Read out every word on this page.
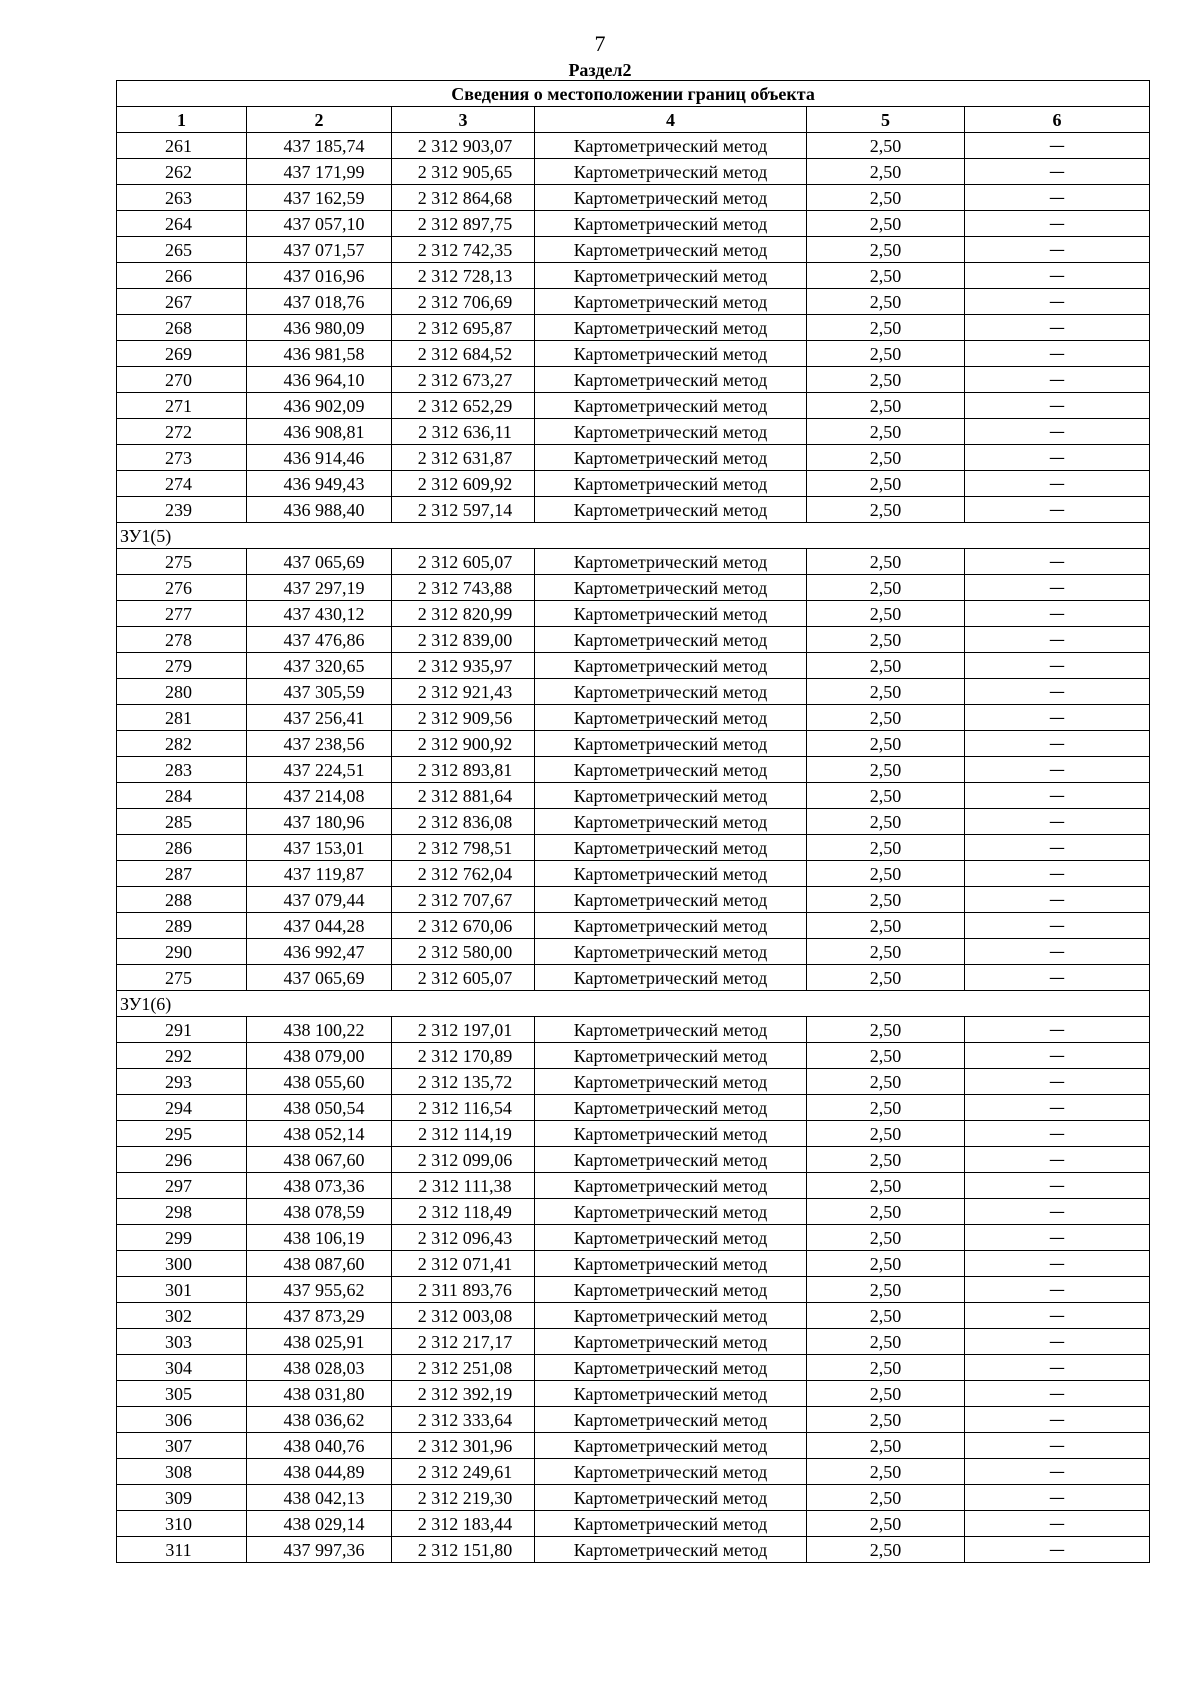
7
Раздел2
Сведения о местоположении границ объекта					
1	2	3	4	5	6
261	437 185,74	2 312 903,07	Картометрический метод	2,50	—
262	437 171,99	2 312 905,65	Картометрический метод	2,50	—
263	437 162,59	2 312 864,68	Картометрический метод	2,50	—
264	437 057,10	2 312 897,75	Картометрический метод	2,50	—
265	437 071,57	2 312 742,35	Картометрический метод	2,50	—
266	437 016,96	2 312 728,13	Картометрический метод	2,50	—
267	437 018,76	2 312 706,69	Картометрический метод	2,50	—
268	436 980,09	2 312 695,87	Картометрический метод	2,50	—
269	436 981,58	2 312 684,52	Картометрический метод	2,50	—
270	436 964,10	2 312 673,27	Картометрический метод	2,50	—
271	436 902,09	2 312 652,29	Картометрический метод	2,50	—
272	436 908,81	2 312 636,11	Картометрический метод	2,50	—
273	436 914,46	2 312 631,87	Картометрический метод	2,50	—
274	436 949,43	2 312 609,92	Картометрический метод	2,50	—
239	436 988,40	2 312 597,14	Картометрический метод	2,50	—
ЗУ1(5)					
275	437 065,69	2 312 605,07	Картометрический метод	2,50	—
276	437 297,19	2 312 743,88	Картометрический метод	2,50	—
277	437 430,12	2 312 820,99	Картометрический метод	2,50	—
278	437 476,86	2 312 839,00	Картометрический метод	2,50	—
279	437 320,65	2 312 935,97	Картометрический метод	2,50	—
280	437 305,59	2 312 921,43	Картометрический метод	2,50	—
281	437 256,41	2 312 909,56	Картометрический метод	2,50	—
282	437 238,56	2 312 900,92	Картометрический метод	2,50	—
283	437 224,51	2 312 893,81	Картометрический метод	2,50	—
284	437 214,08	2 312 881,64	Картометрический метод	2,50	—
285	437 180,96	2 312 836,08	Картометрический метод	2,50	—
286	437 153,01	2 312 798,51	Картометрический метод	2,50	—
287	437 119,87	2 312 762,04	Картометрический метод	2,50	—
288	437 079,44	2 312 707,67	Картометрический метод	2,50	—
289	437 044,28	2 312 670,06	Картометрический метод	2,50	—
290	436 992,47	2 312 580,00	Картометрический метод	2,50	—
275	437 065,69	2 312 605,07	Картометрический метод	2,50	—
ЗУ1(6)					
291	438 100,22	2 312 197,01	Картометрический метод	2,50	—
292	438 079,00	2 312 170,89	Картометрический метод	2,50	—
293	438 055,60	2 312 135,72	Картометрический метод	2,50	—
294	438 050,54	2 312 116,54	Картометрический метод	2,50	—
295	438 052,14	2 312 114,19	Картометрический метод	2,50	—
296	438 067,60	2 312 099,06	Картометрический метод	2,50	—
297	438 073,36	2 312 111,38	Картометрический метод	2,50	—
298	438 078,59	2 312 118,49	Картометрический метод	2,50	—
299	438 106,19	2 312 096,43	Картометрический метод	2,50	—
300	438 087,60	2 312 071,41	Картометрический метод	2,50	—
301	437 955,62	2 311 893,76	Картометрический метод	2,50	—
302	437 873,29	2 312 003,08	Картометрический метод	2,50	—
303	438 025,91	2 312 217,17	Картометрический метод	2,50	—
304	438 028,03	2 312 251,08	Картометрический метод	2,50	—
305	438 031,80	2 312 392,19	Картометрический метод	2,50	—
306	438 036,62	2 312 333,64	Картометрический метод	2,50	—
307	438 040,76	2 312 301,96	Картометрический метод	2,50	—
308	438 044,89	2 312 249,61	Картометрический метод	2,50	—
309	438 042,13	2 312 219,30	Картометрический метод	2,50	—
310	438 029,14	2 312 183,44	Картометрический метод	2,50	—
311	437 997,36	2 312 151,80	Картометрический метод	2,50	—
